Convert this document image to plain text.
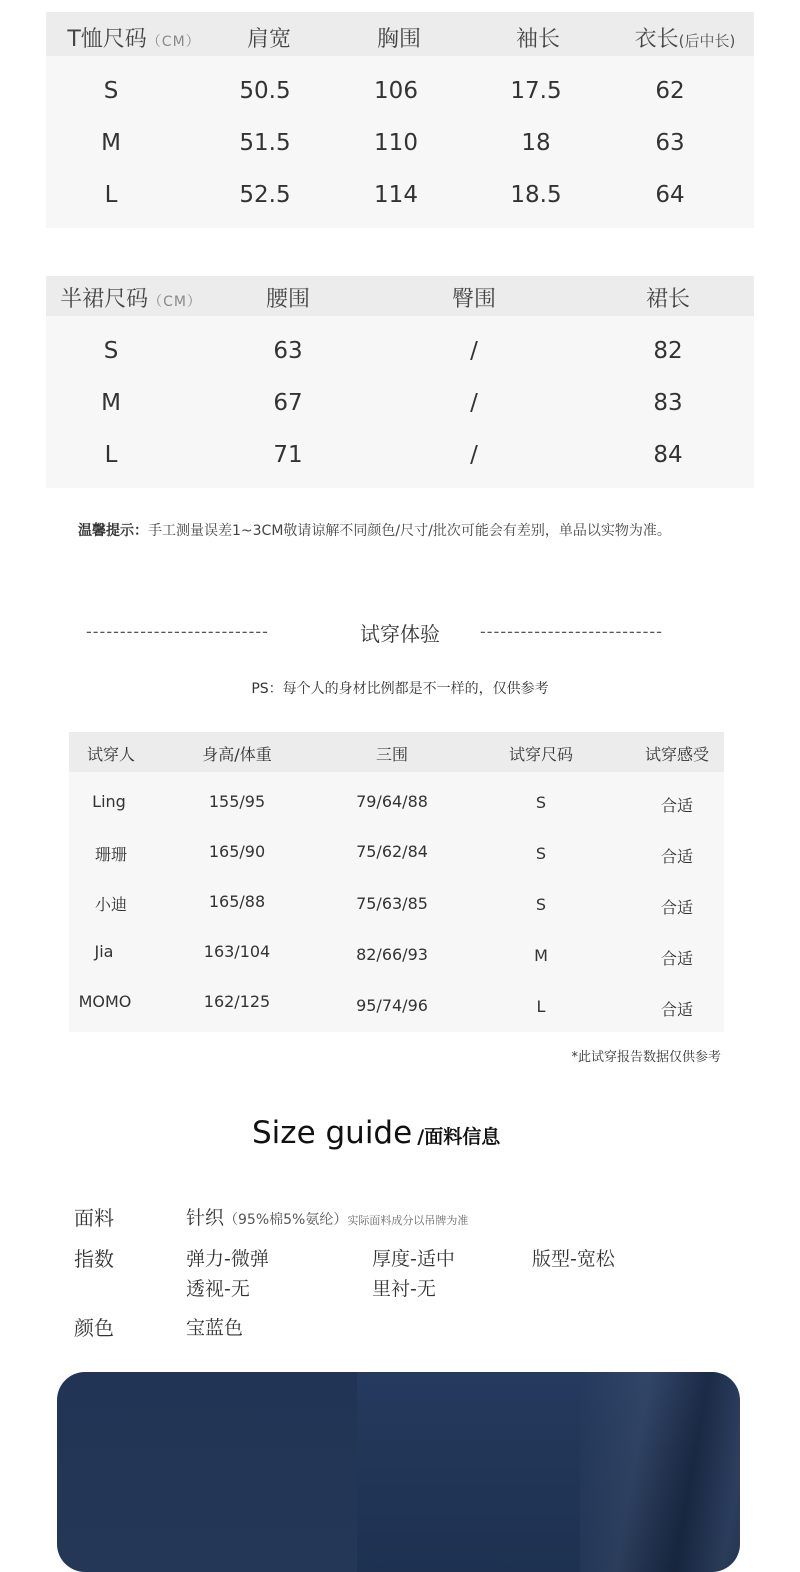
T恤尺码（CM） 肩宽	胸围	袖长	衣长(后中长)
S	50.5	106	17.5	62
M	51.5	110	18	63
L	52.5	114	18.5	64
半裙尺码（CM）	腰围	臀围	裙长
S	63	/	82
M	67	/	83
L	71	/	84
温馨提示：手工测量误差1~3CM敬请谅解不同颜色/尺寸/批次可能会有差别，单品以实物为准。
---------------------------	试穿体验	---------------------------
PS：每个人的身材比例都是不一样的，仅供参考
试穿人	身高/体重	三围	试穿尺码	试穿感受
Ling	155/95	79/64/88	S	合适
珊珊	165/90	75/62/84	S	合适
小迪	165/88	75/63/85	S	合适
Jia	163/104	82/66/93	M	合适
MOMO	162/125	95/74/96	L	合适
*此试穿报告数据仅供参考
Size guide /面料信息
面料	针织（95%棉5%氨纶）实际面料成分以吊牌为准
指数	弹力-微弹	厚度-适中	版型-宽松
透视-无	里衬-无
颜色	宝蓝色
